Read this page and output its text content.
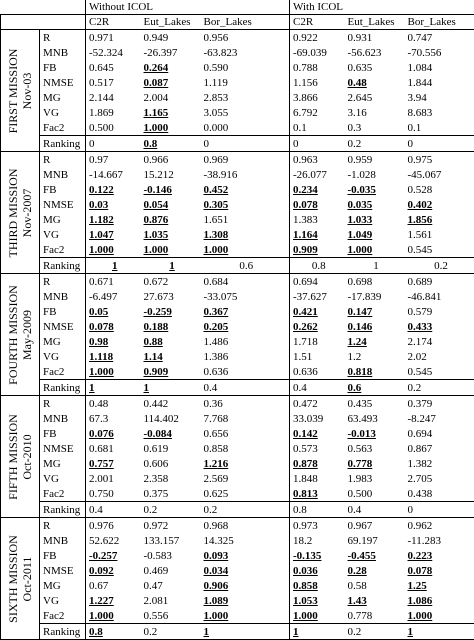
		Without ICOL			With ICOL		
		C2R	Eut_Lakes	Bor_Lakes	C2R	Eut_Lakes	Bor_Lakes

FIRST MISSION Nov-03	R	0.971	0.949	0.956	0.922	0.931	0.747
	MNB	-52.324	-26.397	-63.823	-69.039	-56.623	-70.556
	FB	0.645	0.264	0.590	0.788	0.635	1.084
	NMSE	0.517	0.087	1.119	1.156	0.48	1.844
	MG	2.144	2.004	2.853	3.866	2.645	3.94
	VG	1.869	1.165	3.055	6.792	3.16	8.683
	Fac2	0.500	1.000	0.000	0.1	0.3	0.1
	Ranking	0	0.8	0	0	0.2	0

THIRD MISSION Nov-2007	R	0.97	0.966	0.969	0.963	0.959	0.975
	MNB	-14.667	15.212	-38.916	-26.077	-1.028	-45.067
	FB	0.122	-0.146	0.452	0.234	-0.035	0.528
	NMSE	0.03	0.054	0.305	0.078	0.035	0.402
	MG	1.182	0.876	1.651	1.383	1.033	1.856
	VG	1.047	1.035	1.308	1.164	1.049	1.561
	Fac2	1.000	1.000	1.000	0.909	1.000	0.545
	Ranking	1	1	0.6	0.8	1	0.2

FOURTH MISSION May-2009	R	0.671	0.672	0.684	0.694	0.698	0.689
	MNB	-6.497	27.673	-33.075	-37.627	-17.839	-46.841
	FB	0.05	-0.259	0.367	0.421	0.147	0.579
	NMSE	0.078	0.188	0.205	0.262	0.146	0.433
	MG	0.98	0.88	1.486	1.718	1.24	2.174
	VG	1.118	1.14	1.386	1.51	1.2	2.02
	Fac2	1.000	0.909	0.636	0.636	0.818	0.545
	Ranking	1	1	0.4	0.4	0.6	0.2

FIFTH MISSION Oct-2010	R	0.48	0.442	0.36	0.472	0.435	0.379
	MNB	67.3	114.402	7.768	33.039	63.493	-8.247
	FB	0.076	-0.084	0.656	0.142	-0.013	0.694
	NMSE	0.681	0.619	0.858	0.573	0.563	0.867
	MG	0.757	0.606	1.216	0.878	0.778	1.382
	VG	2.001	2.358	2.569	1.848	1.983	2.705
	Fac2	0.750	0.375	0.625	0.813	0.500	0.438
	Ranking	0.4	0.2	0.2	0.8	0.4	0

SIXTH MISSION Oct-2011	R	0.976	0.972	0.968	0.973	0.967	0.962
	MNB	52.622	133.157	14.325	18.2	69.197	-11.283
	FB	-0.257	-0.583	0.093	-0.135	-0.455	0.223
	NMSE	0.092	0.469	0.034	0.036	0.28	0.078
	MG	0.67	0.47	0.906	0.858	0.58	1.25
	VG	1.227	2.081	1.089	1.053	1.43	1.086
	Fac2	1.000	0.556	1.000	1.000	0.778	1.000
	Ranking	0.8	0.2	1	1	0.2	1
